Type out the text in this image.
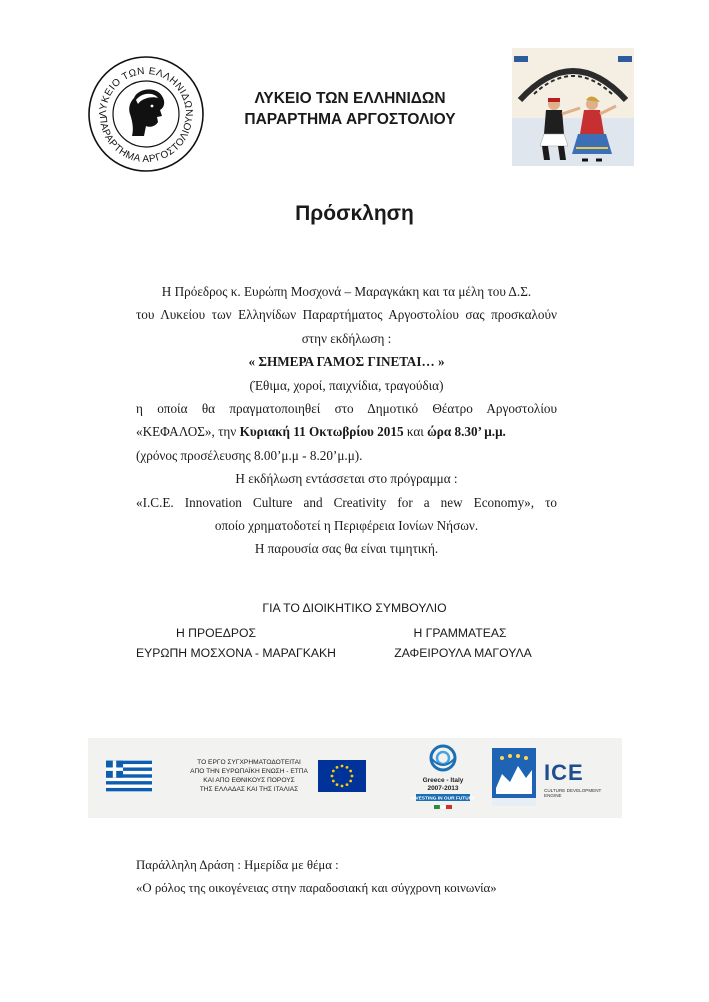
ΛΥΚΕΙΟ ΤΩΝ ΕΛΛΗΝΙΔΩΝ
ΠΑΡΑΡΤΗΜΑ ΑΡΓΟΣΤΟΛΙΟΥ
ΛΥΚΕΙΟ ΤΩΝ ΕΛΛΗΝΙΔΩΝ
ΠΑΡΑΡΤΗΜΑ ΑΡΓΟΣΤΟΛΙΟΥ
Πρόσκληση
Η Πρόεδρος κ. Ευρώπη Μοσχονά – Μαραγκάκη και τα μέλη του Δ.Σ.
του Λυκείου των Ελληνίδων Παραρτήματος Αργοστολίου σας προσκαλούν
στην εκδήλωση :
« ΣΗΜΕΡΑ ΓΑΜΟΣ ΓΙΝΕΤΑΙ… »
(Έθιμα, χοροί, παιχνίδια, τραγούδια)
η οποία θα πραγματοποιηθεί στο Δημοτικό Θέατρο Αργοστολίου
«ΚΕΦΑΛΟΣ», την Κυριακή 11 Οκτωβρίου 2015 και ώρα 8.30’ μ.μ.
(χρόνος προσέλευσης 8.00’μ.μ - 8.20’μ.μ).
Η εκδήλωση εντάσσεται στο πρόγραμμα :
«I.C.E. Innovation Culture and Creativity for a new Economy», το
οποίο χρηματοδοτεί η Περιφέρεια Ιονίων Νήσων.
Η παρουσία σας θα είναι τιμητική.
ΓΙΑ ΤΟ ΔΙΟΙΚΗΤΙΚΟ ΣΥΜΒΟΥΛΙΟ
Η ΠΡΟΕΔΡΟΣ
ΕΥΡΩΠΗ ΜΟΣΧΟΝΑ - ΜΑΡΑΓΚΑΚΗ
Η ΓΡΑΜΜΑΤΕΑΣ
ΖΑΦΕΙΡΟΥΛΑ ΜΑΓΟΥΛΑ
ΤΟ ΕΡΓΟ ΣΥΓΧΡΗΜΑΤΟΔΟΤΕΙΤΑΙ
ΑΠΟ ΤΗΝ ΕΥΡΩΠΑΪΚΗ ΕΝΩΣΗ - ΕΤΠΑ
ΚΑΙ ΑΠΟ ΕΘΝΙΚΟΥΣ ΠΟΡΟΥΣ
ΤΗΣ ΕΛΛΑΔΑΣ ΚΑΙ ΤΗΣ ΙΤΑΛΙΑΣ
Greece - Italy
2007-2013
INVESTING IN OUR FUTURE
ICE
CULTURE DEVELOPMENT ENGINE
Παράλληλη Δράση : Ημερίδα με θέμα :
«Ο ρόλος της οικογένειας στην παραδοσιακή και σύγχρονη κοινωνία»
